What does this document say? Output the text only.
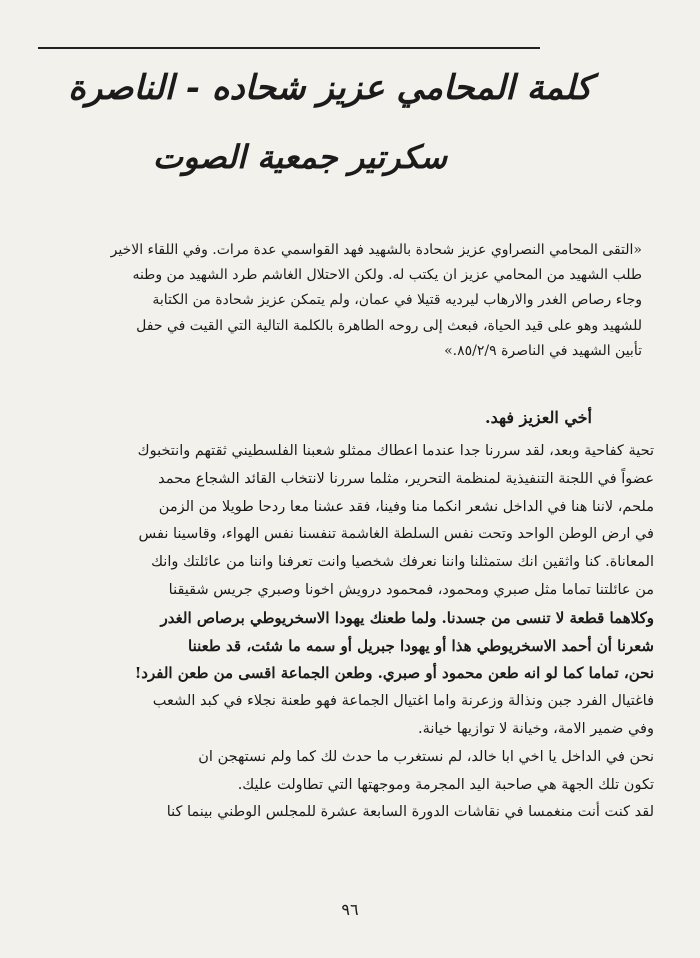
كلمة المحامي عزيز شحاده - الناصرة
سكرتير جمعية الصوت

«التقى المحامي النصراوي عزيز شحادة بالشهيد فهد القواسمي عدة مرات. وفي اللقاء الاخير

طلب الشهيد من المحامي عزيز ان يكتب له. ولكن الاحتلال الغاشم طرد الشهيد من وطنه

وجاء رصاص الغدر والارهاب ليرديه قتيلا في عمان، ولم يتمكن عزيز شحادة من الكتابة

للشهيد وهو على قيد الحياة، فبعث إلى روحه الطاهرة بالكلمة التالية التي القيت في حفل

تأبين الشهيد في الناصرة ٨٥/٢/٩.»

أخي العزيز فهد.
تحية كفاحية وبعد، لقد سررنا جدا عندما اعطاك ممثلو شعبنا الفلسطيني ثقتهم وانتخبوك
عضواً في اللجنة التنفيذية لمنظمة التحرير، مثلما سررنا لانتخاب القائد الشجاع محمد
ملحم، لاننا هنا في الداخل نشعر انكما منا وفينا، فقد عشنا معا ردحا طويلا من الزمن
في ارض الوطن الواحد وتحت نفس السلطة الغاشمة تنفسنا نفس الهواء، وقاسينا نفس
المعاناة. كنا واثقين انك ستمثلنا واننا نعرفك شخصيا وانت تعرفنا واننا من عائلتك وانك
من عائلتنا تماما مثل صبري ومحمود، فمحمود درويش اخونا وصبري جريس شقيقنا
وكلاهما قطعة لا تنسى من جسدنا. ولما طعنك يهودا الاسخريوطي برصاص الغدر
شعرنا أن أحمد الاسخريوطي هذا أو يهودا جبريل أو سمه ما شئت، قد طعننا
نحن، تماما كما لو انه طعن محمود أو صبري. وطعن الجماعة اقسى من طعن الفرد!
فاغتيال الفرد جبن ونذالة وزعرنة واما اغتيال الجماعة فهو طعنة نجلاء في كبد الشعب
وفي ضمير الامة، وخيانة لا توازيها خيانة.
نحن في الداخل يا اخي ابا خالد، لم نستغرب ما حدث لك كما ولم نستهجن ان
تكون تلك الجهة هي صاحبة اليد المجرمة وموجهتها التي تطاولت عليك.
لقد كنت أنت منغمسا في نقاشات الدورة السابعة عشرة للمجلس الوطني بينما كنا
٩٦
